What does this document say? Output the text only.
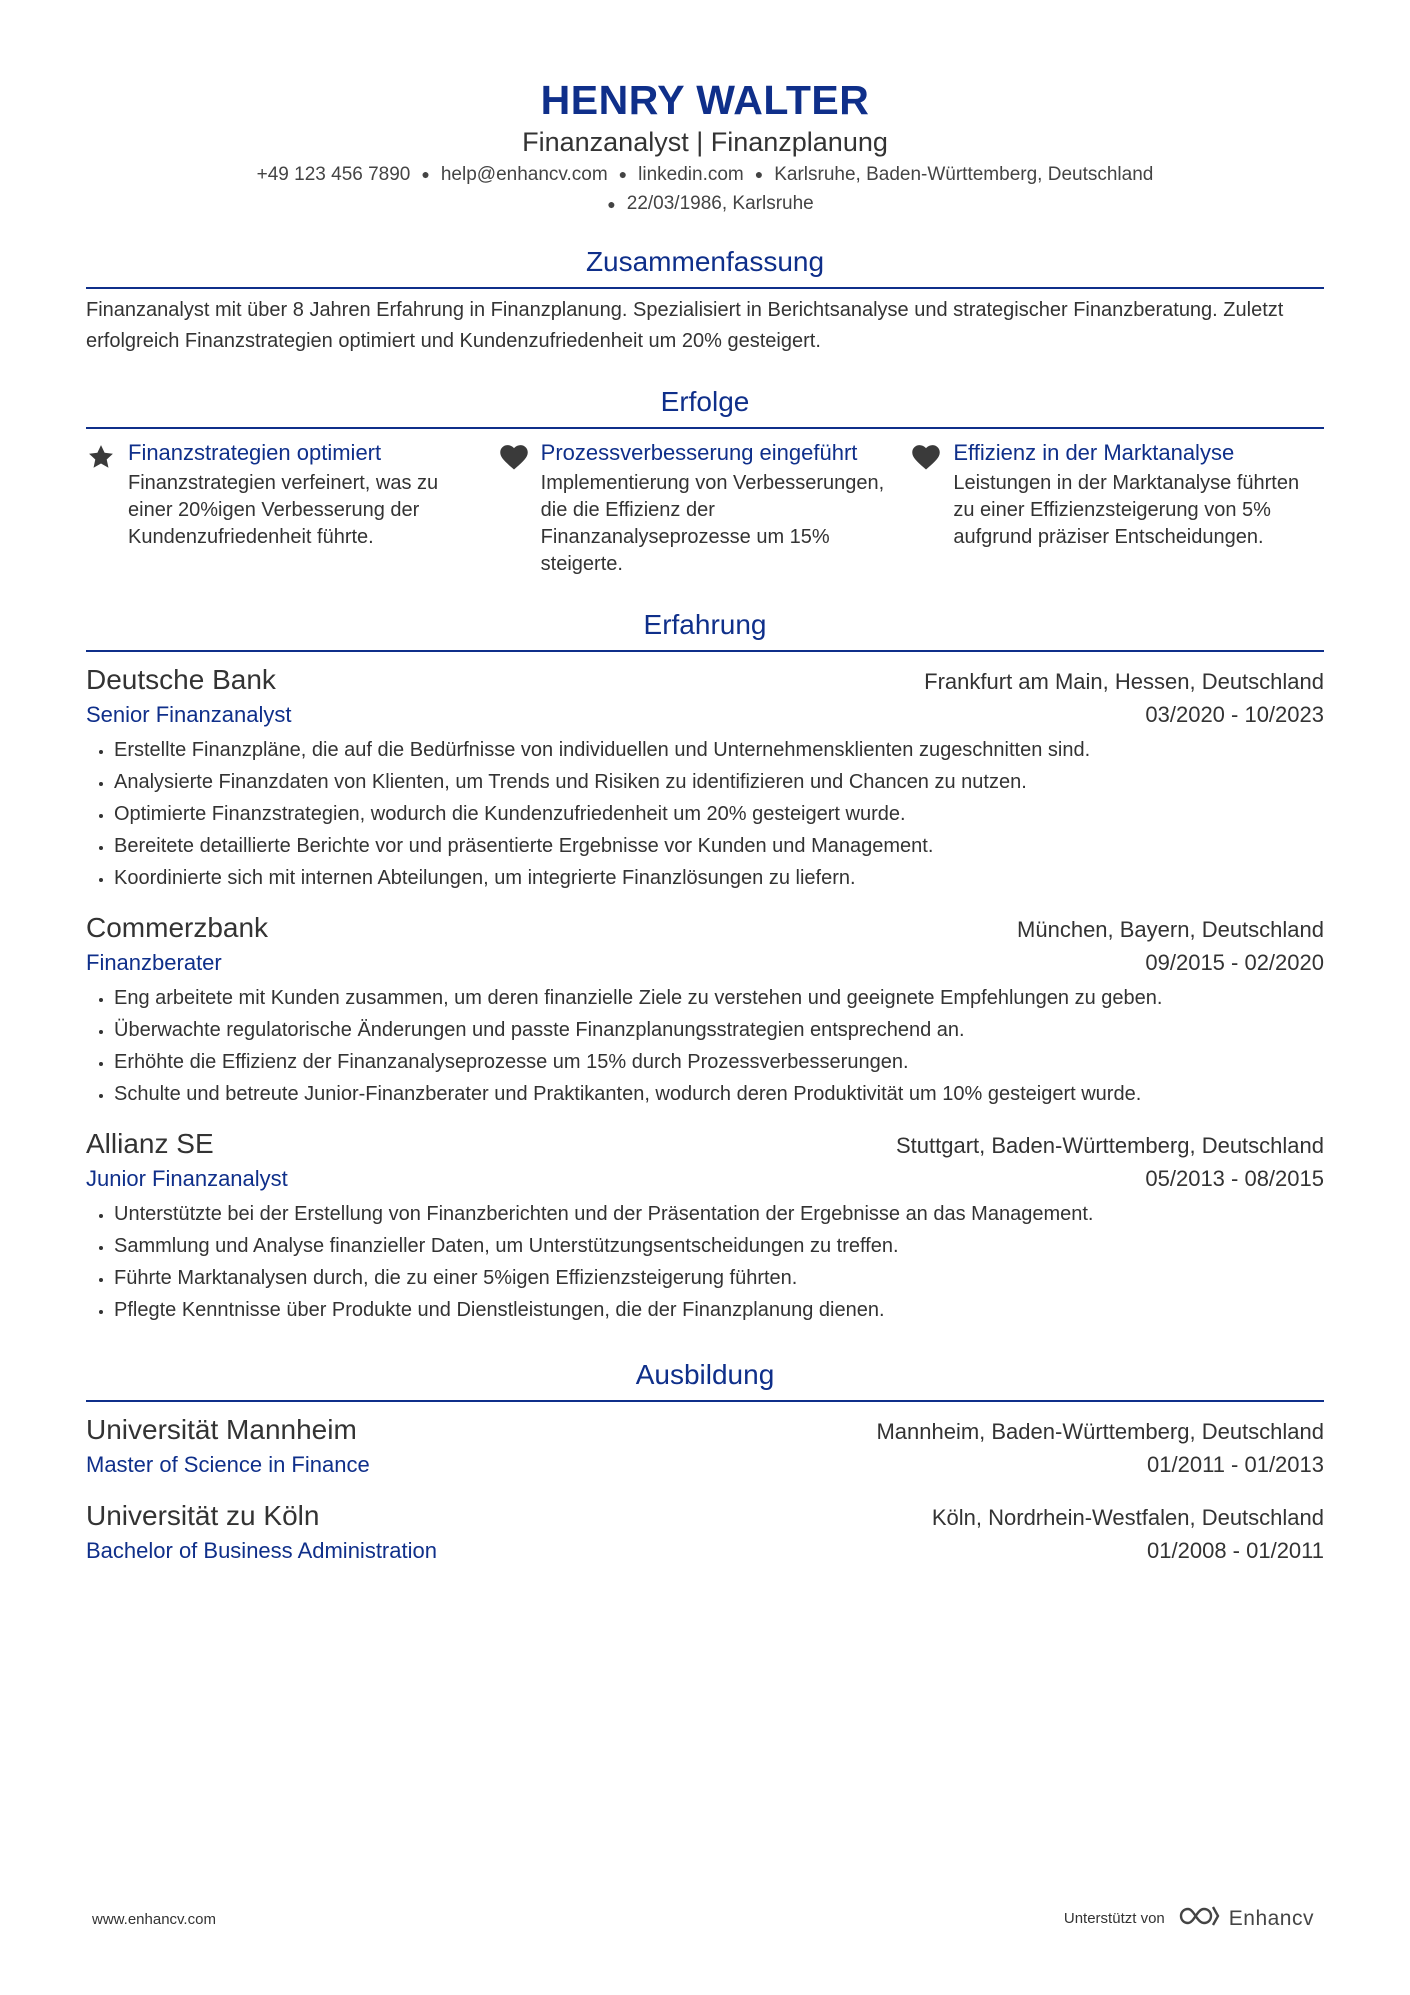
HENRY WALTER
Finanzanalyst | Finanzplanung
+49 123 456 7890 ● help@enhancv.com ● linkedin.com ● Karlsruhe, Baden-Württemberg, Deutschland
● 22/03/1986, Karlsruhe
Zusammenfassung
Finanzanalyst mit über 8 Jahren Erfahrung in Finanzplanung. Spezialisiert in Berichtsanalyse und strategischer Finanzberatung. Zuletzt erfolgreich Finanzstrategien optimiert und Kundenzufriedenheit um 20% gesteigert.
Erfolge
Finanzstrategien optimiert
Finanzstrategien verfeinert, was zu einer 20%igen Verbesserung der Kundenzufriedenheit führte.
Prozessverbesserung eingeführt
Implementierung von Verbesserungen, die die Effizienz der Finanzanalyseprozesse um 15% steigerte.
Effizienz in der Marktanalyse
Leistungen in der Marktanalyse führten zu einer Effizienzsteigerung von 5% aufgrund präziser Entscheidungen.
Erfahrung
Deutsche Bank	Frankfurt am Main, Hessen, Deutschland
Senior Finanzanalyst	03/2020 - 10/2023
• Erstellte Finanzpläne, die auf die Bedürfnisse von individuellen und Unternehmensklienten zugeschnitten sind.
• Analysierte Finanzdaten von Klienten, um Trends und Risiken zu identifizieren und Chancen zu nutzen.
• Optimierte Finanzstrategien, wodurch die Kundenzufriedenheit um 20% gesteigert wurde.
• Bereitete detaillierte Berichte vor und präsentierte Ergebnisse vor Kunden und Management.
• Koordinierte sich mit internen Abteilungen, um integrierte Finanzlösungen zu liefern.
Commerzbank	München, Bayern, Deutschland
Finanzberater	09/2015 - 02/2020
• Eng arbeitete mit Kunden zusammen, um deren finanzielle Ziele zu verstehen und geeignete Empfehlungen zu geben.
• Überwachte regulatorische Änderungen und passte Finanzplanungsstrategien entsprechend an.
• Erhöhte die Effizienz der Finanzanalyseprozesse um 15% durch Prozessverbesserungen.
• Schulte und betreute Junior-Finanzberater und Praktikanten, wodurch deren Produktivität um 10% gesteigert wurde.
Allianz SE	Stuttgart, Baden-Württemberg, Deutschland
Junior Finanzanalyst	05/2013 - 08/2015
• Unterstützte bei der Erstellung von Finanzberichten und der Präsentation der Ergebnisse an das Management.
• Sammlung und Analyse finanzieller Daten, um Unterstützungsentscheidungen zu treffen.
• Führte Marktanalysen durch, die zu einer 5%igen Effizienzsteigerung führten.
• Pflegte Kenntnisse über Produkte und Dienstleistungen, die der Finanzplanung dienen.
Ausbildung
Universität Mannheim	Mannheim, Baden-Württemberg, Deutschland
Master of Science in Finance	01/2011 - 01/2013
Universität zu Köln	Köln, Nordrhein-Westfalen, Deutschland
Bachelor of Business Administration	01/2008 - 01/2011
www.enhancv.com	Unterstützt von	Enhancv
